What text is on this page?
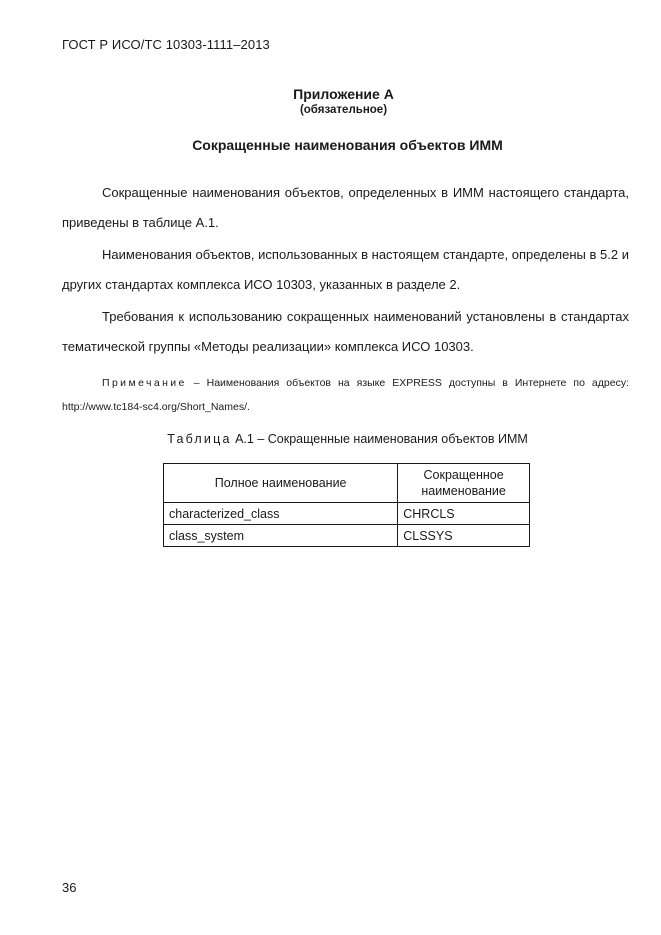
ГОСТ Р ИСО/ТС 10303-1111–2013
Приложение А
(обязательное)
Сокращенные наименования объектов ИММ
Сокращенные наименования объектов, определенных в ИММ настоящего стандарта, приведены в таблице А.1.
Наименования объектов, использованных в настоящем стандарте, определены в 5.2 и других стандартах комплекса ИСО 10303, указанных в разделе 2.
Требования к использованию сокращенных наименований установлены в стандартах тематической группы «Методы реализации» комплекса ИСО 10303.
Примечание – Наименования объектов на языке EXPRESS доступны в Интернете по адресу: http://www.tc184-sc4.org/Short_Names/.
Таблица А.1 – Сокращенные наименования объектов ИММ
Полное наименование	Сокращенное наименование
characterized_class	CHRCLS
class_system	CLSSYS
36
